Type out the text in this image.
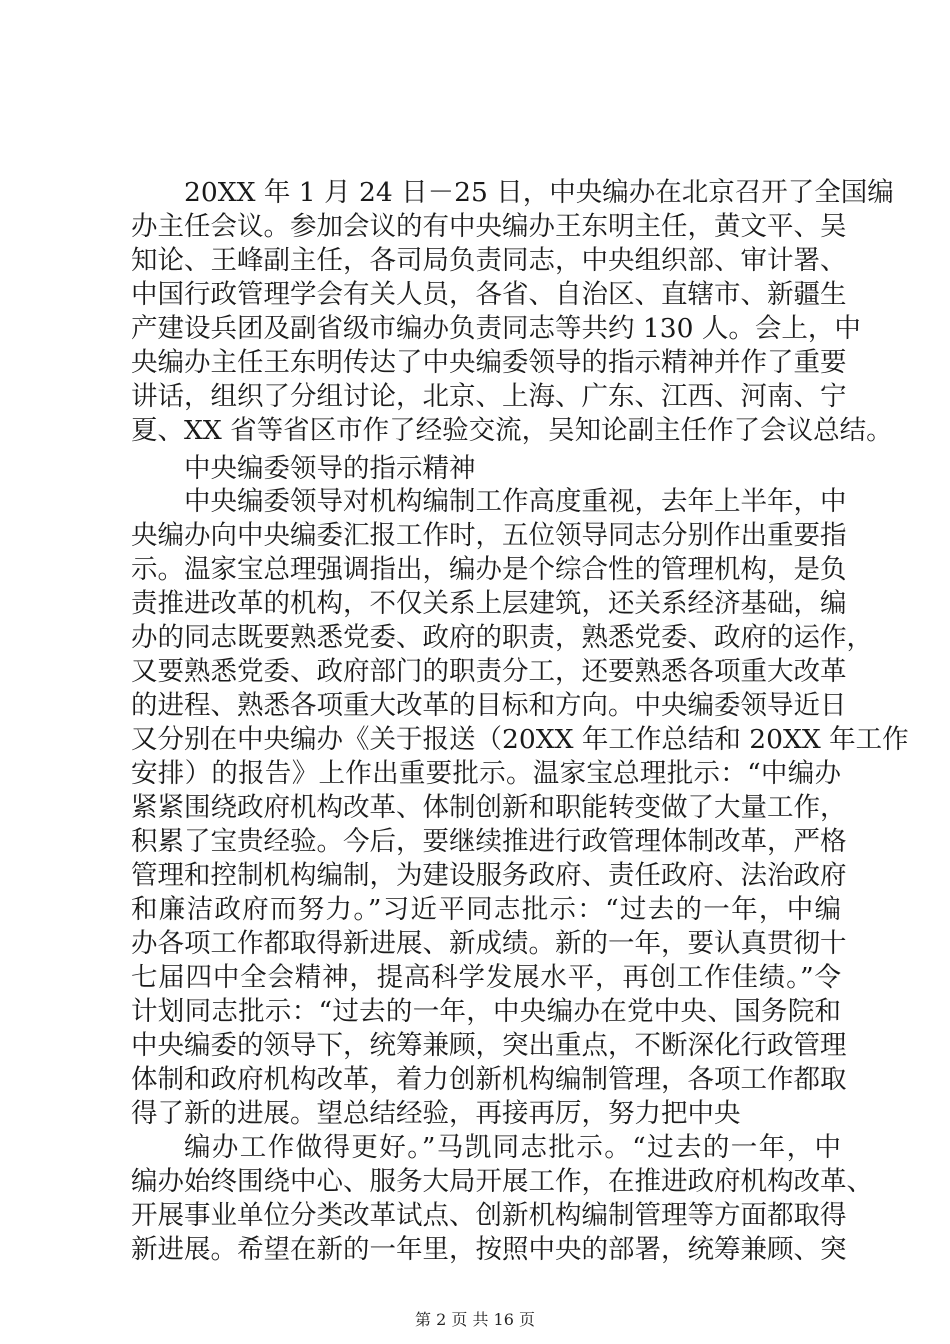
20XX 年 1 月 24 日－25 日，中央编办在北京召开了全国编
办主任会议。参加会议的有中央编办王东明主任，黄文平、吴
知论、王峰副主任，各司局负责同志，中央组织部、审计署、
中国行政管理学会有关人员，各省、自治区、直辖市、新疆生
产建设兵团及副省级市编办负责同志等共约 130 人。会上，中
央编办主任王东明传达了中央编委领导的指示精神并作了重要
讲话，组织了分组讨论，北京、上海、广东、江西、河南、宁
夏、XX 省等省区市作了经验交流，吴知论副主任作了会议总结。
中央编委领导的指示精神
中央编委领导对机构编制工作高度重视，去年上半年，中
央编办向中央编委汇报工作时，五位领导同志分别作出重要指
示。温家宝总理强调指出，编办是个综合性的管理机构，是负
责推进改革的机构，不仅关系上层建筑，还关系经济基础，编
办的同志既要熟悉党委、政府的职责，熟悉党委、政府的运作，
又要熟悉党委、政府部门的职责分工，还要熟悉各项重大改革
的进程、熟悉各项重大改革的目标和方向。中央编委领导近日
又分别在中央编办《关于报送（20XX 年工作总结和 20XX 年工作
安排）的报告》上作出重要批示。温家宝总理批示：“中编办
紧紧围绕政府机构改革、体制创新和职能转变做了大量工作，
积累了宝贵经验。今后，要继续推进行政管理体制改革，严格
管理和控制机构编制，为建设服务政府、责任政府、法治政府
和廉洁政府而努力。”习近平同志批示：“过去的一年，中编
办各项工作都取得新进展、新成绩。新的一年，要认真贯彻十
七届四中全会精神，提高科学发展水平，再创工作佳绩。”令
计划同志批示：“过去的一年，中央编办在党中央、国务院和
中央编委的领导下，统筹兼顾，突出重点，不断深化行政管理
体制和政府机构改革，着力创新机构编制管理，各项工作都取
得了新的进展。望总结经验，再接再厉，努力把中央
编办工作做得更好。”马凯同志批示。“过去的一年，中
编办始终围绕中心、服务大局开展工作，在推进政府机构改革、
开展事业单位分类改革试点、创新机构编制管理等方面都取得
新进展。希望在新的一年里，按照中央的部署，统筹兼顾、突
第 2 页 共 16 页
